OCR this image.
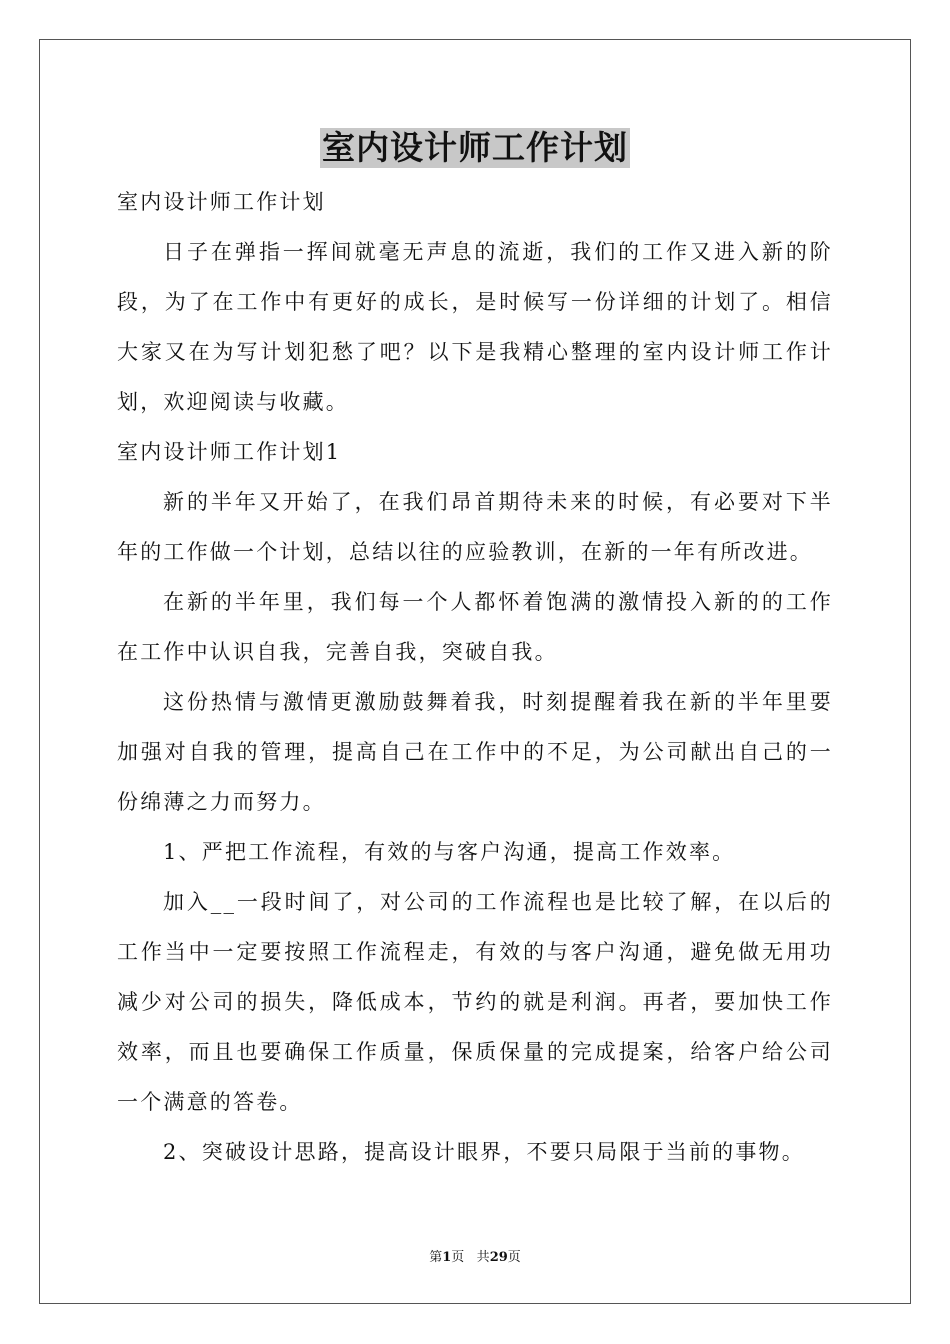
室内设计师工作计划

室内设计师工作计划

日子在弹指一挥间就毫无声息的流逝，我们的工作又进入新的阶段，为了在工作中有更好的成长，是时候写一份详细的计划了。相信大家又在为写计划犯愁了吧？以下是我精心整理的室内设计师工作计划，欢迎阅读与收藏。

室内设计师工作计划1

新的半年又开始了，在我们昂首期待未来的时候，有必要对下半年的工作做一个计划，总结以往的应验教训，在新的一年有所改进。

在新的半年里，我们每一个人都怀着饱满的激情投入新的的工作在工作中认识自我，完善自我，突破自我。

这份热情与激情更激励鼓舞着我，时刻提醒着我在新的半年里要加强对自我的管理，提高自己在工作中的不足，为公司献出自己的一份绵薄之力而努力。

1、严把工作流程，有效的与客户沟通，提高工作效率。

加入__一段时间了，对公司的工作流程也是比较了解，在以后的工作当中一定要按照工作流程走，有效的与客户沟通，避免做无用功减少对公司的损失，降低成本，节约的就是利润。再者，要加快工作效率，而且也要确保工作质量，保质保量的完成提案，给客户给公司一个满意的答卷。

2、突破设计思路，提高设计眼界，不要只局限于当前的事物。

第1页 共29页
